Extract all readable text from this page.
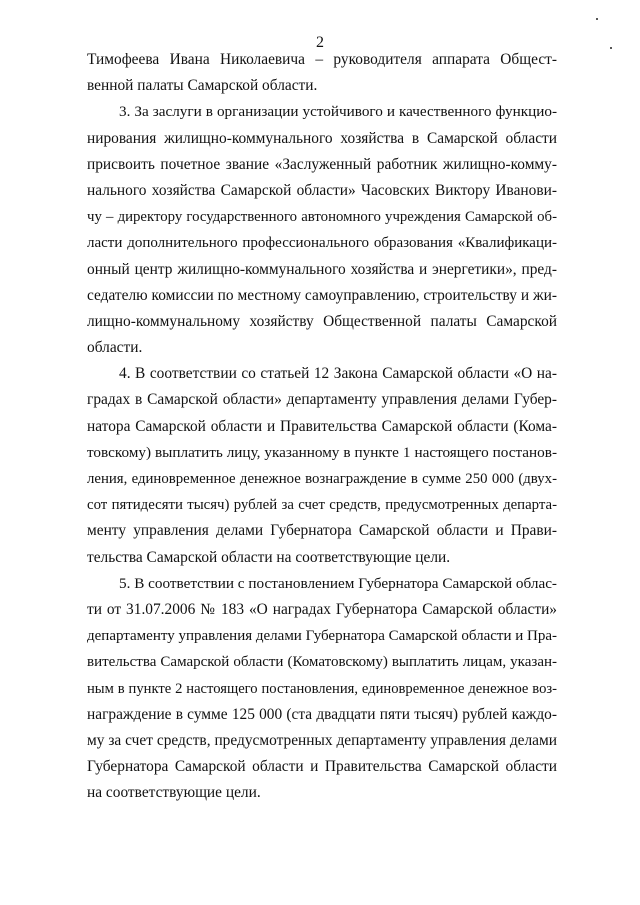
2
Тимофеева Ивана Николаевича – руководителя аппарата Общест-
венной палаты Самарской области.
3. За заслуги в организации устойчивого и качественного функцио-
нирования жилищно-коммунального хозяйства в Самарской области
присвоить почетное звание «Заслуженный работник жилищно-комму-
нального хозяйства Самарской области» Часовских Виктору Иванови-
чу – директору государственного автономного учреждения Самарской об-
ласти дополнительного профессионального образования «Квалификаци-
онный центр жилищно-коммунального хозяйства и энергетики», пред-
седателю комиссии по местному самоуправлению, строительству и жи-
лищно-коммунальному хозяйству Общественной палаты Самарской
области.
4. В соответствии со статьей 12 Закона Самарской области «О на-
градах в Самарской области» департаменту управления делами Губер-
натора Самарской области и Правительства Самарской области (Кома-
товскому) выплатить лицу, указанному в пункте 1 настоящего постанов-
ления, единовременное денежное вознаграждение в сумме 250 000 (двух-
сот пятидесяти тысяч) рублей за счет средств, предусмотренных департа-
менту управления делами Губернатора Самарской области и Прави-
тельства Самарской области на соответствующие цели.
5. В соответствии с постановлением Губернатора Самарской облас-
ти от 31.07.2006 № 183 «О наградах Губернатора Самарской области»
департаменту управления делами Губернатора Самарской области и Пра-
вительства Самарской области (Коматовскому) выплатить лицам, указан-
ным в пункте 2 настоящего постановления, единовременное денежное воз-
награждение в сумме 125 000 (ста двадцати пяти тысяч) рублей каждо-
му за счет средств, предусмотренных департаменту управления делами
Губернатора Самарской области и Правительства Самарской области
на соответствующие цели.
